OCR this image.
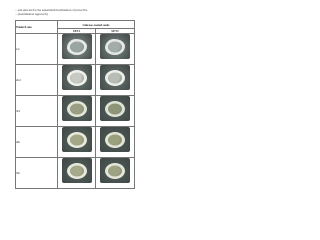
…eds selected for the experiment/Germination of protective
…(Germination Approach)
Weeks/Lane	Glucose-coated seeds	
	SET1	SET2
1st	

2nd	

3rd	

4th	

5th	
